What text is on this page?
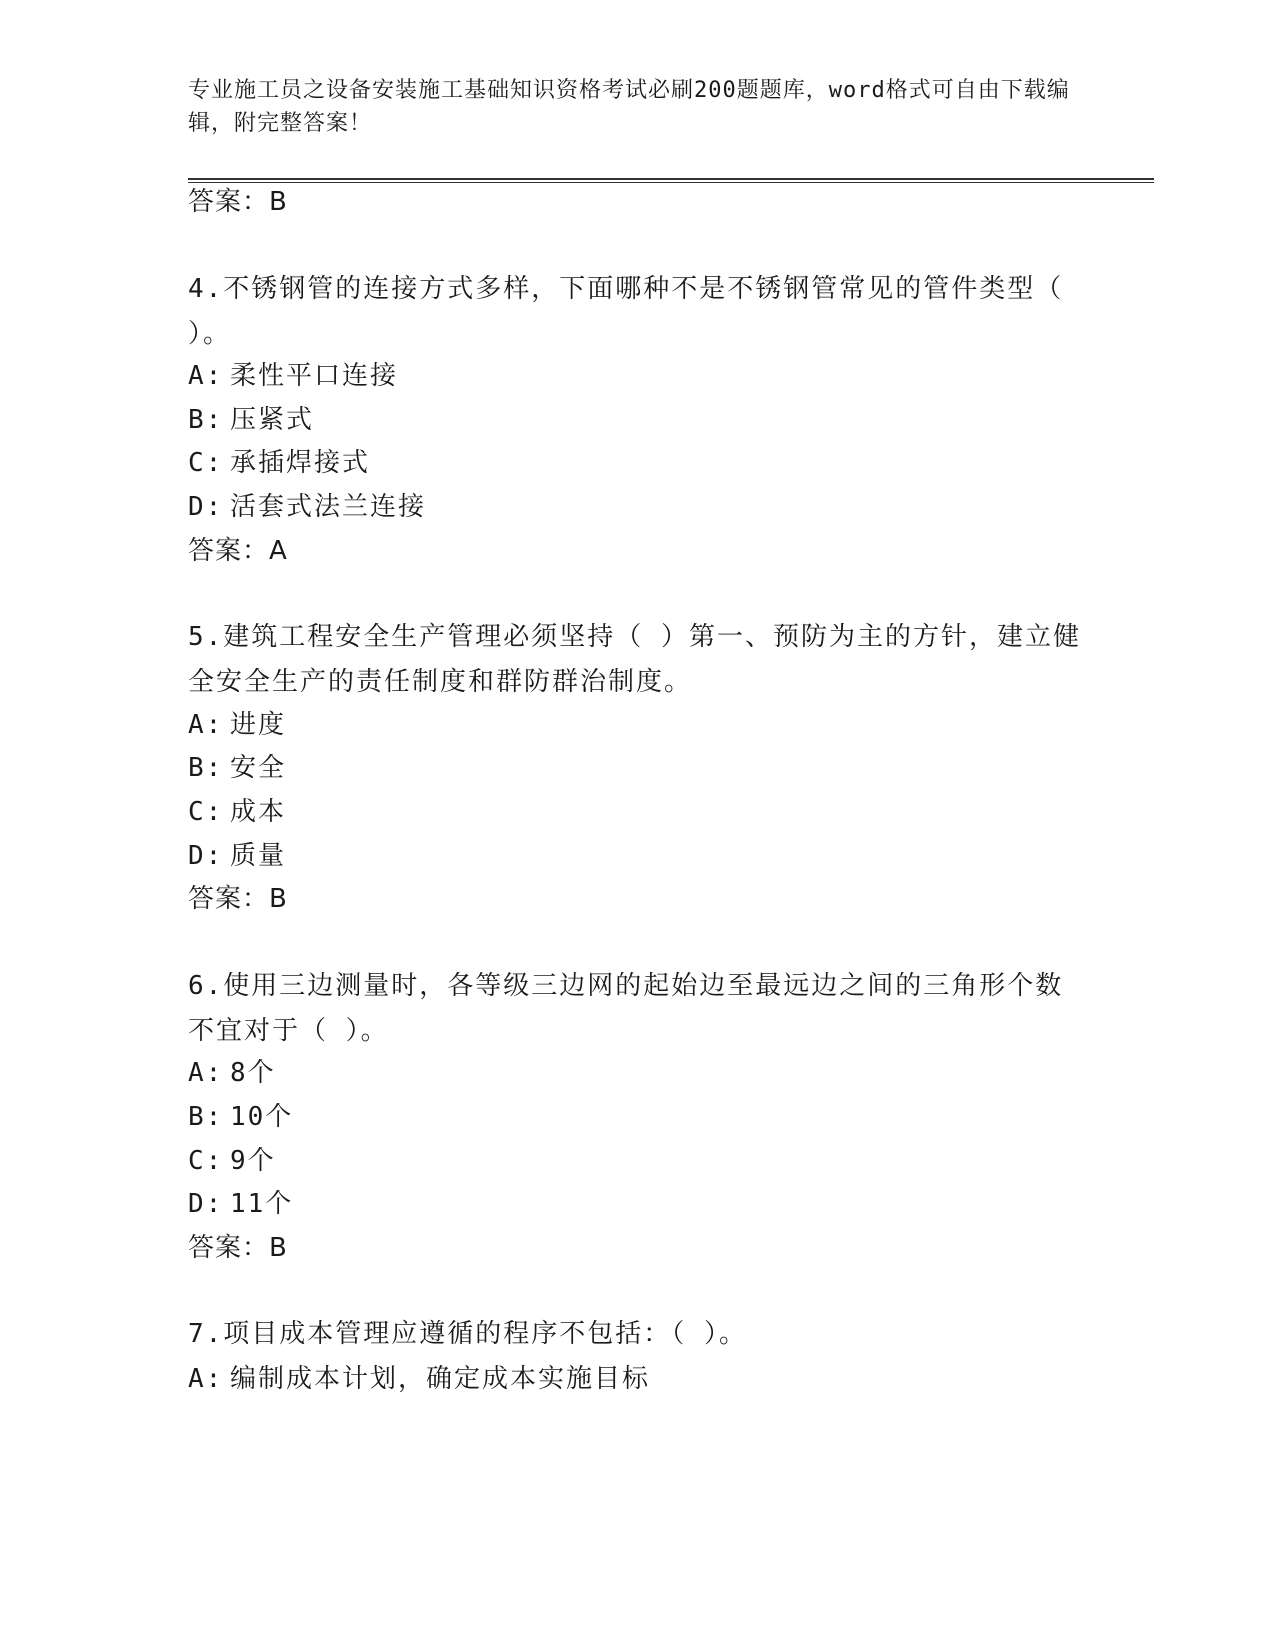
专业施工员之设备安装施工基础知识资格考试必刷200题题库，word格式可自由下载编辑，附完整答案！
答案：B
4.不锈钢管的连接方式多样，下面哪种不是不锈钢管常见的管件类型（ ）。
A: 柔性平口连接
B: 压紧式
C: 承插焊接式
D: 活套式法兰连接
答案：A
5.建筑工程安全生产管理必须坚持（ ）第一、预防为主的方针，建立健全安全生产的责任制度和群防群治制度。
A: 进度
B: 安全
C: 成本
D: 质量
答案：B
6.使用三边测量时，各等级三边网的起始边至最远边之间的三角形个数不宜对于（ ）。
A: 8个
B: 10个
C: 9个
D: 11个
答案：B
7.项目成本管理应遵循的程序不包括：（ ）。
A: 编制成本计划，确定成本实施目标
